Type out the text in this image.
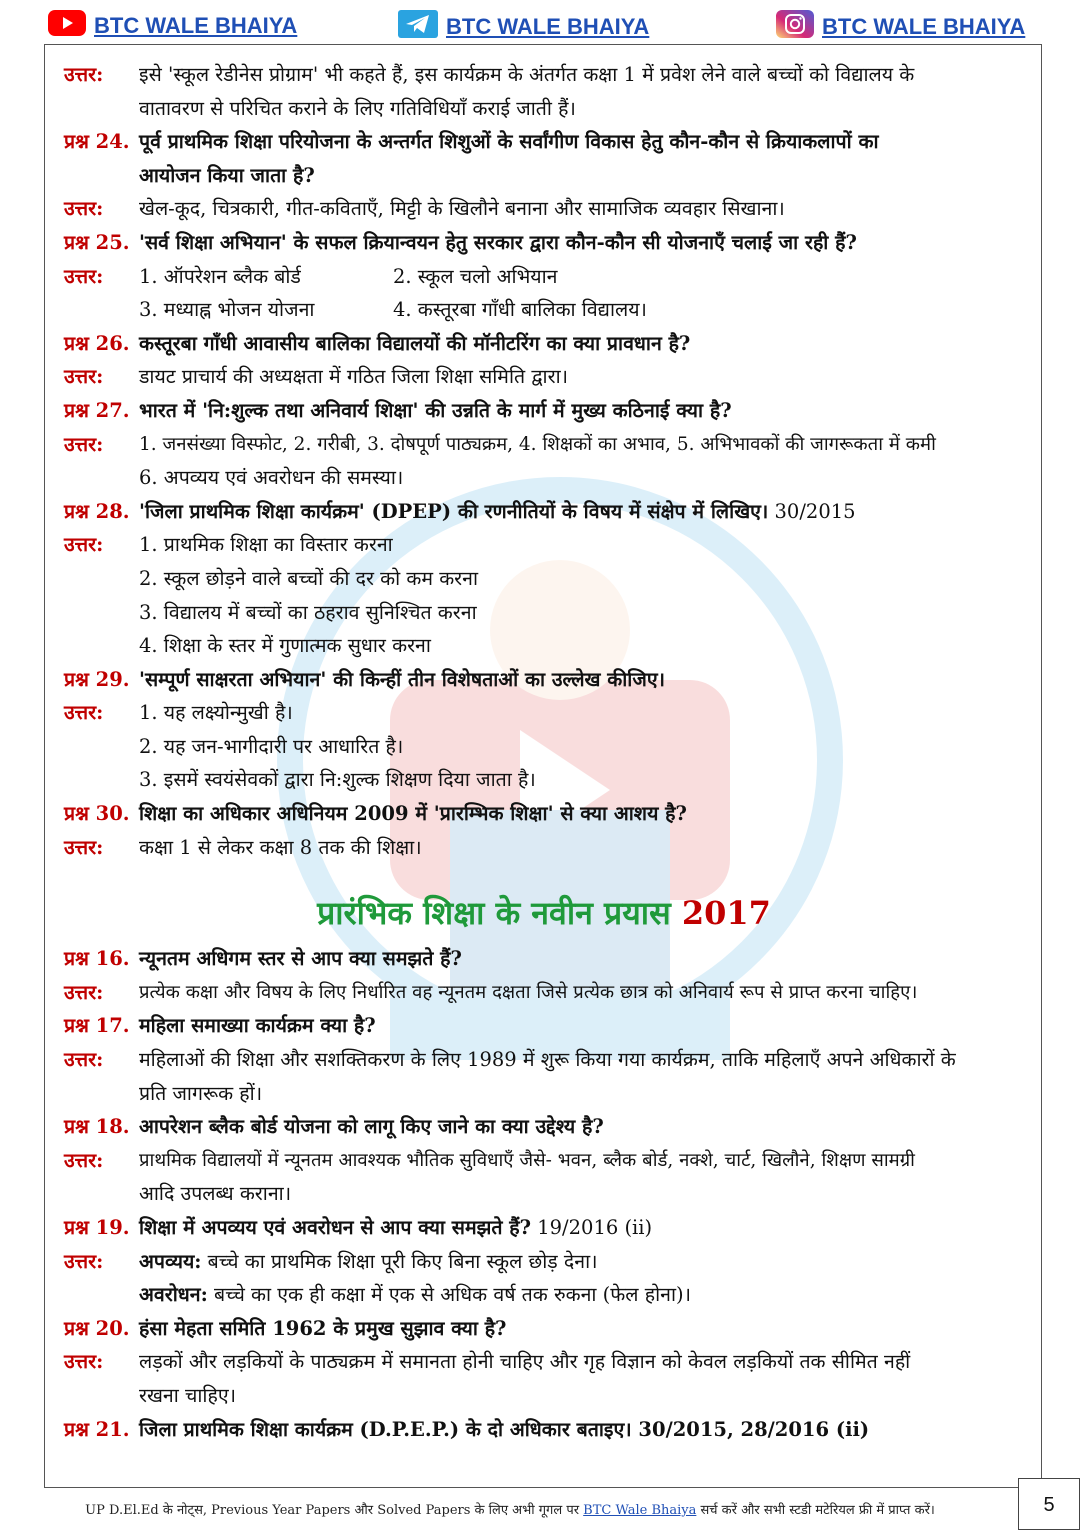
BTC WALE BHAIYA	BTC WALE BHAIYA	BTC WALE BHAIYA
उत्तर: इसे 'स्कूल रेडीनेस प्रोग्राम' भी कहते हैं, इस कार्यक्रम के अंतर्गत कक्षा 1 में प्रवेश लेने वाले बच्चों को विद्यालय के
वातावरण से परिचित कराने के लिए गतिविधियाँ कराई जाती हैं।
प्रश्न 24. पूर्व प्राथमिक शिक्षा परियोजना के अन्तर्गत शिशुओं के सर्वांगीण विकास हेतु कौन-कौन से क्रियाकलापों का
आयोजन किया जाता है?
उत्तर: खेल-कूद, चित्रकारी, गीत-कविताएँ, मिट्टी के खिलौने बनाना और सामाजिक व्यवहार सिखाना।
प्रश्न 25. 'सर्व शिक्षा अभियान' के सफल क्रियान्वयन हेतु सरकार द्वारा कौन-कौन सी योजनाएँ चलाई जा रही हैं?
उत्तर: 1. ऑपरेशन ब्लैक बोर्ड	2. स्कूल चलो अभियान
3. मध्याह्न भोजन योजना	4. कस्तूरबा गाँधी बालिका विद्यालय।
प्रश्न 26. कस्तूरबा गाँधी आवासीय बालिका विद्यालयों की मॉनीटरिंग का क्या प्रावधान है?
उत्तर: डायट प्राचार्य की अध्यक्षता में गठित जिला शिक्षा समिति द्वारा।
प्रश्न 27. भारत में 'नि:शुल्क तथा अनिवार्य शिक्षा' की उन्नति के मार्ग में मुख्य कठिनाई क्या है?
उत्तर: 1. जनसंख्या विस्फोट, 2. गरीबी, 3. दोषपूर्ण पाठ्यक्रम, 4. शिक्षकों का अभाव, 5. अभिभावकों की जागरूकता में कमी
6. अपव्यय एवं अवरोधन की समस्या।
प्रश्न 28. 'जिला प्राथमिक शिक्षा कार्यक्रम' (DPEP) की रणनीतियों के विषय में संक्षेप में लिखिए। 30/2015
उत्तर: 1. प्राथमिक शिक्षा का विस्तार करना
2. स्कूल छोड़ने वाले बच्चों की दर को कम करना
3. विद्यालय में बच्चों का ठहराव सुनिश्चित करना
4. शिक्षा के स्तर में गुणात्मक सुधार करना
प्रश्न 29. 'सम्पूर्ण साक्षरता अभियान' की किन्हीं तीन विशेषताओं का उल्लेख कीजिए।
उत्तर: 1. यह लक्ष्योन्मुखी है।
2. यह जन-भागीदारी पर आधारित है।
3. इसमें स्वयंसेवकों द्वारा नि:शुल्क शिक्षण दिया जाता है।
प्रश्न 30. शिक्षा का अधिकार अधिनियम 2009 में 'प्रारम्भिक शिक्षा' से क्या आशय है?
उत्तर: कक्षा 1 से लेकर कक्षा 8 तक की शिक्षा।
प्रारंभिक शिक्षा के नवीन प्रयास 2017
प्रश्न 16. न्यूनतम अधिगम स्तर से आप क्या समझते हैं?
उत्तर: प्रत्येक कक्षा और विषय के लिए निर्धारित वह न्यूनतम दक्षता जिसे प्रत्येक छात्र को अनिवार्य रूप से प्राप्त करना चाहिए।
प्रश्न 17. महिला समाख्या कार्यक्रम क्या है?
उत्तर: महिलाओं की शिक्षा और सशक्तिकरण के लिए 1989 में शुरू किया गया कार्यक्रम, ताकि महिलाएँ अपने अधिकारों के
प्रति जागरूक हों।
प्रश्न 18. आपरेशन ब्लैक बोर्ड योजना को लागू किए जाने का क्या उद्देश्य है?
उत्तर: प्राथमिक विद्यालयों में न्यूनतम आवश्यक भौतिक सुविधाएँ जैसे- भवन, ब्लैक बोर्ड, नक्शे, चार्ट, खिलौने, शिक्षण सामग्री
आदि उपलब्ध कराना।
प्रश्न 19. शिक्षा में अपव्यय एवं अवरोधन से आप क्या समझते हैं? 19/2016 (ii)
उत्तर: अपव्यय: बच्चे का प्राथमिक शिक्षा पूरी किए बिना स्कूल छोड़ देना।
अवरोधन: बच्चे का एक ही कक्षा में एक से अधिक वर्ष तक रुकना (फेल होना)।
प्रश्न 20. हंसा मेहता समिति 1962 के प्रमुख सुझाव क्या है?
उत्तर: लड़कों और लड़कियों के पाठ्यक्रम में समानता होनी चाहिए और गृह विज्ञान को केवल लड़कियों तक सीमित नहीं
रखना चाहिए।
प्रश्न 21. जिला प्राथमिक शिक्षा कार्यक्रम (D.P.E.P.) के दो अधिकार बताइए। 30/2015, 28/2016 (ii)
UP D.El.Ed के नोट्स, Previous Year Papers और Solved Papers के लिए अभी गूगल पर BTC Wale Bhaiya सर्च करें और सभी स्टडी मटेरियल फ्री में प्राप्त करें।	5
